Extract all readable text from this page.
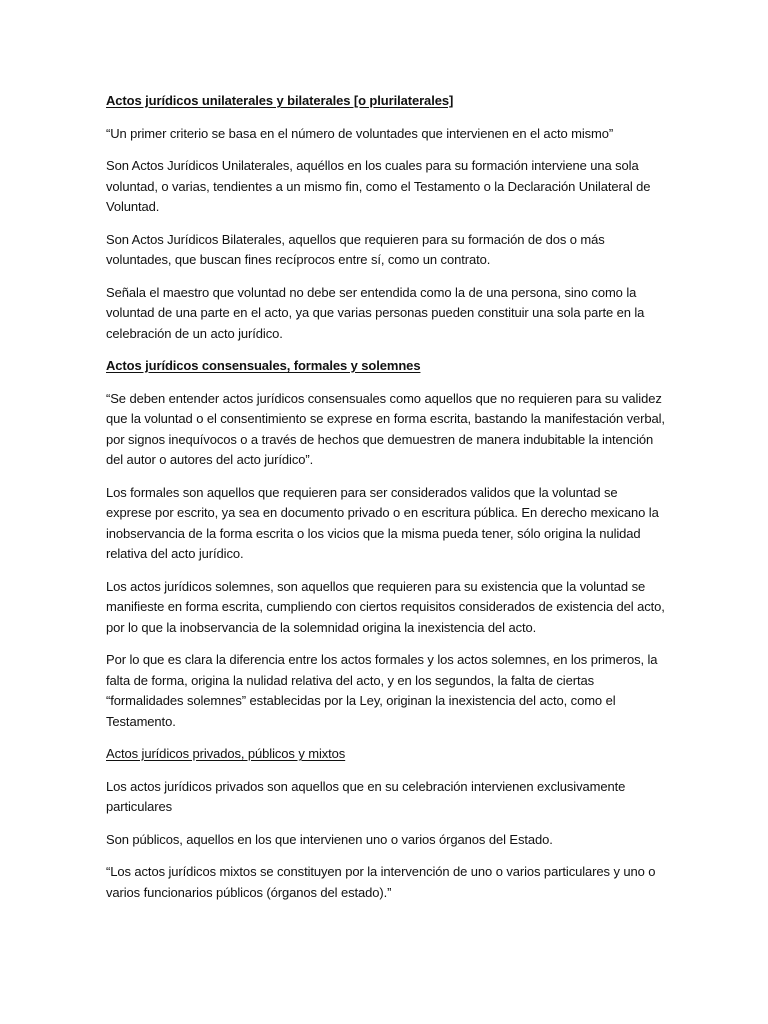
Actos jurídicos unilaterales y bilaterales [o plurilaterales]

“Un primer criterio se basa en el número de voluntades que intervienen en el acto mismo”

Son Actos Jurídicos Unilaterales, aquéllos en los cuales para su formación interviene una sola voluntad, o varias, tendientes a un mismo fin, como el Testamento o la Declaración Unilateral de Voluntad.

Son Actos Jurídicos Bilaterales, aquellos que requieren para su formación de dos o más voluntades, que buscan fines recíprocos entre sí, como un contrato.

Señala el maestro que voluntad no debe ser entendida como la de una persona, sino como la voluntad de una parte en el acto, ya que varias personas pueden constituir una sola parte en la celebración de un acto jurídico.

Actos jurídicos consensuales, formales y solemnes

“Se deben entender actos jurídicos consensuales como aquellos que no requieren para su validez que la voluntad o el consentimiento se exprese en forma escrita, bastando la manifestación verbal, por signos inequívocos o a través de hechos que demuestren de manera indubitable la intención del autor o autores del acto jurídico”.

Los formales son aquellos que requieren para ser considerados validos que la voluntad se exprese por escrito, ya sea en documento privado o en escritura pública. En derecho mexicano la inobservancia de la forma escrita o los vicios que la misma pueda tener, sólo origina la nulidad relativa del acto jurídico.

Los actos jurídicos solemnes, son aquellos que requieren para su existencia que la voluntad se manifieste en forma escrita, cumpliendo con ciertos requisitos considerados de existencia del acto, por lo que la inobservancia de la solemnidad origina la inexistencia del acto.

Por lo que es clara la diferencia entre los actos formales y los actos solemnes, en los primeros, la falta de forma, origina la nulidad relativa del acto, y en los segundos, la falta de ciertas “formalidades solemnes” establecidas por la Ley, originan la inexistencia del acto, como el Testamento.

Actos jurídicos privados, públicos y mixtos

Los actos jurídicos privados son aquellos que en su celebración intervienen exclusivamente particulares

Son públicos, aquellos en los que intervienen uno o varios órganos del Estado.

“Los actos jurídicos mixtos se constituyen por la intervención de uno o varios particulares y uno o varios funcionarios públicos (órganos del estado).”
